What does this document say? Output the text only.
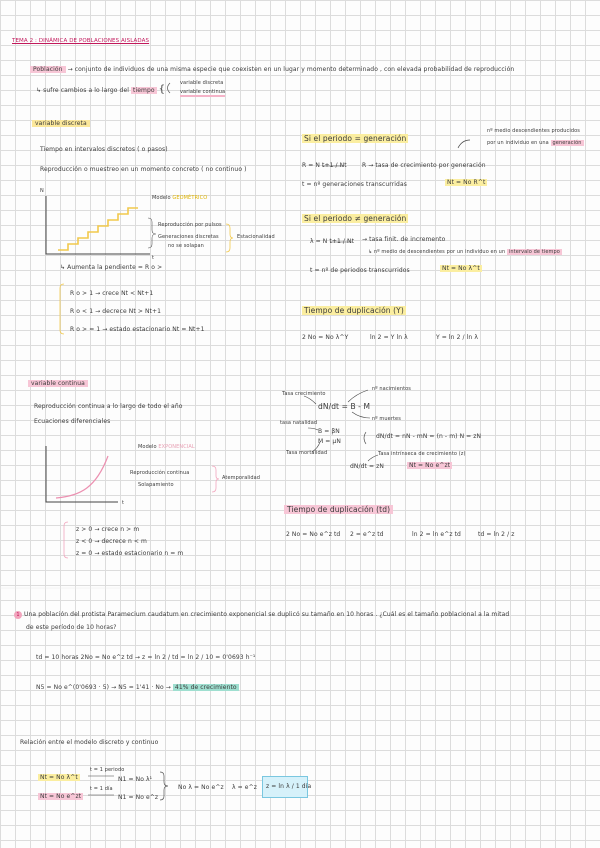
TEMA 2 : DINÁMICA DE POBLACIONES AISLADAS
Población → conjunto de individuos de una misma especie que coexisten en un lugar y momento determinado , con elevada probabilidad de reproducción
↳ sufre cambios a lo largo del tiempo {
variable discreta
variable continua
variable discreta
Tiempo en intervalos discretos ( o pasos)
Reproducción o muestreo en un momento concreto ( no continuo )
N
t
Modelo GEOMÉTRICO
Reproducción por pulsos
Generaciones discretas
no se solapan
Estacionalidad
↳ Aumenta la pendiente = R o >
R o > 1 → crece Nt < Nt+1
R o < 1 → decrece Nt > Nt+1
R o > = 1 → estado estacionario Nt = Nt+1
Si el periodo = generación
nº medio descendientes producidos
por un individuo en una generación
R = N t+1 / Nt	R → tasa de crecimiento por generación
t = nº generaciones transcurridas	Nt = No R^t
Si el periodo ≠ generación
λ = N t+1 / Nt → tasa finit. de incremento
↳ nº medio de descendientes por un individuo en un intervalo de tiempo
t = nº de periodos transcurridos	Nt = No λ^t
Tiempo de duplicación (Y)
2 No = No λ^Y	ln 2 = Y ln λ	Y = ln 2 / ln λ
variable continua
Reproducción continua a lo largo de todo el año
Ecuaciones diferenciales
Modelo EXPONENCIAL
Reproducción continua
Solapamiento
Atemporalidad
t
z > 0 → crece n > m
z < 0 → decrece n < m
z = 0 → estado estacionario n = m
Tasa crecimiento
nº nacimientos
nº muertes
dN/dt = B - M
tasa natalidad
B = βN
M = μN
dN/dt = nN - mN = (n - m) N = zN
Tasa mortalidad	Tasa intrínseca de crecimiento (z)
dN/dt = zN	Nt = No e^zt
Tiempo de duplicación (td)
2 No = No e^z td 2 = e^z td	ln 2 = ln e^z td	td = ln 2 / z
1 Una población del protista Paramecium caudatum en crecimiento exponencial se duplicó su tamaño en 10 horas . ¿Cuál es el tamaño poblacional a la mitad
de este período de 10 horas?
td = 10 horas 2No = No e^z td → z = ln 2 / td = ln 2 / 10 = 0'0693 h⁻¹
N5 = No e^(0'0693 · 5) → N5 = 1'41 · No → 41% de crecimiento
Relación entre el modelo discreto y continuo
Nt = No λ^t
Nt = No e^zt
t = 1 periodo
t = 1 día
N1 = No λ¹
N1 = No e^z
No λ = No e^z λ = e^z z = ln λ / 1 día
